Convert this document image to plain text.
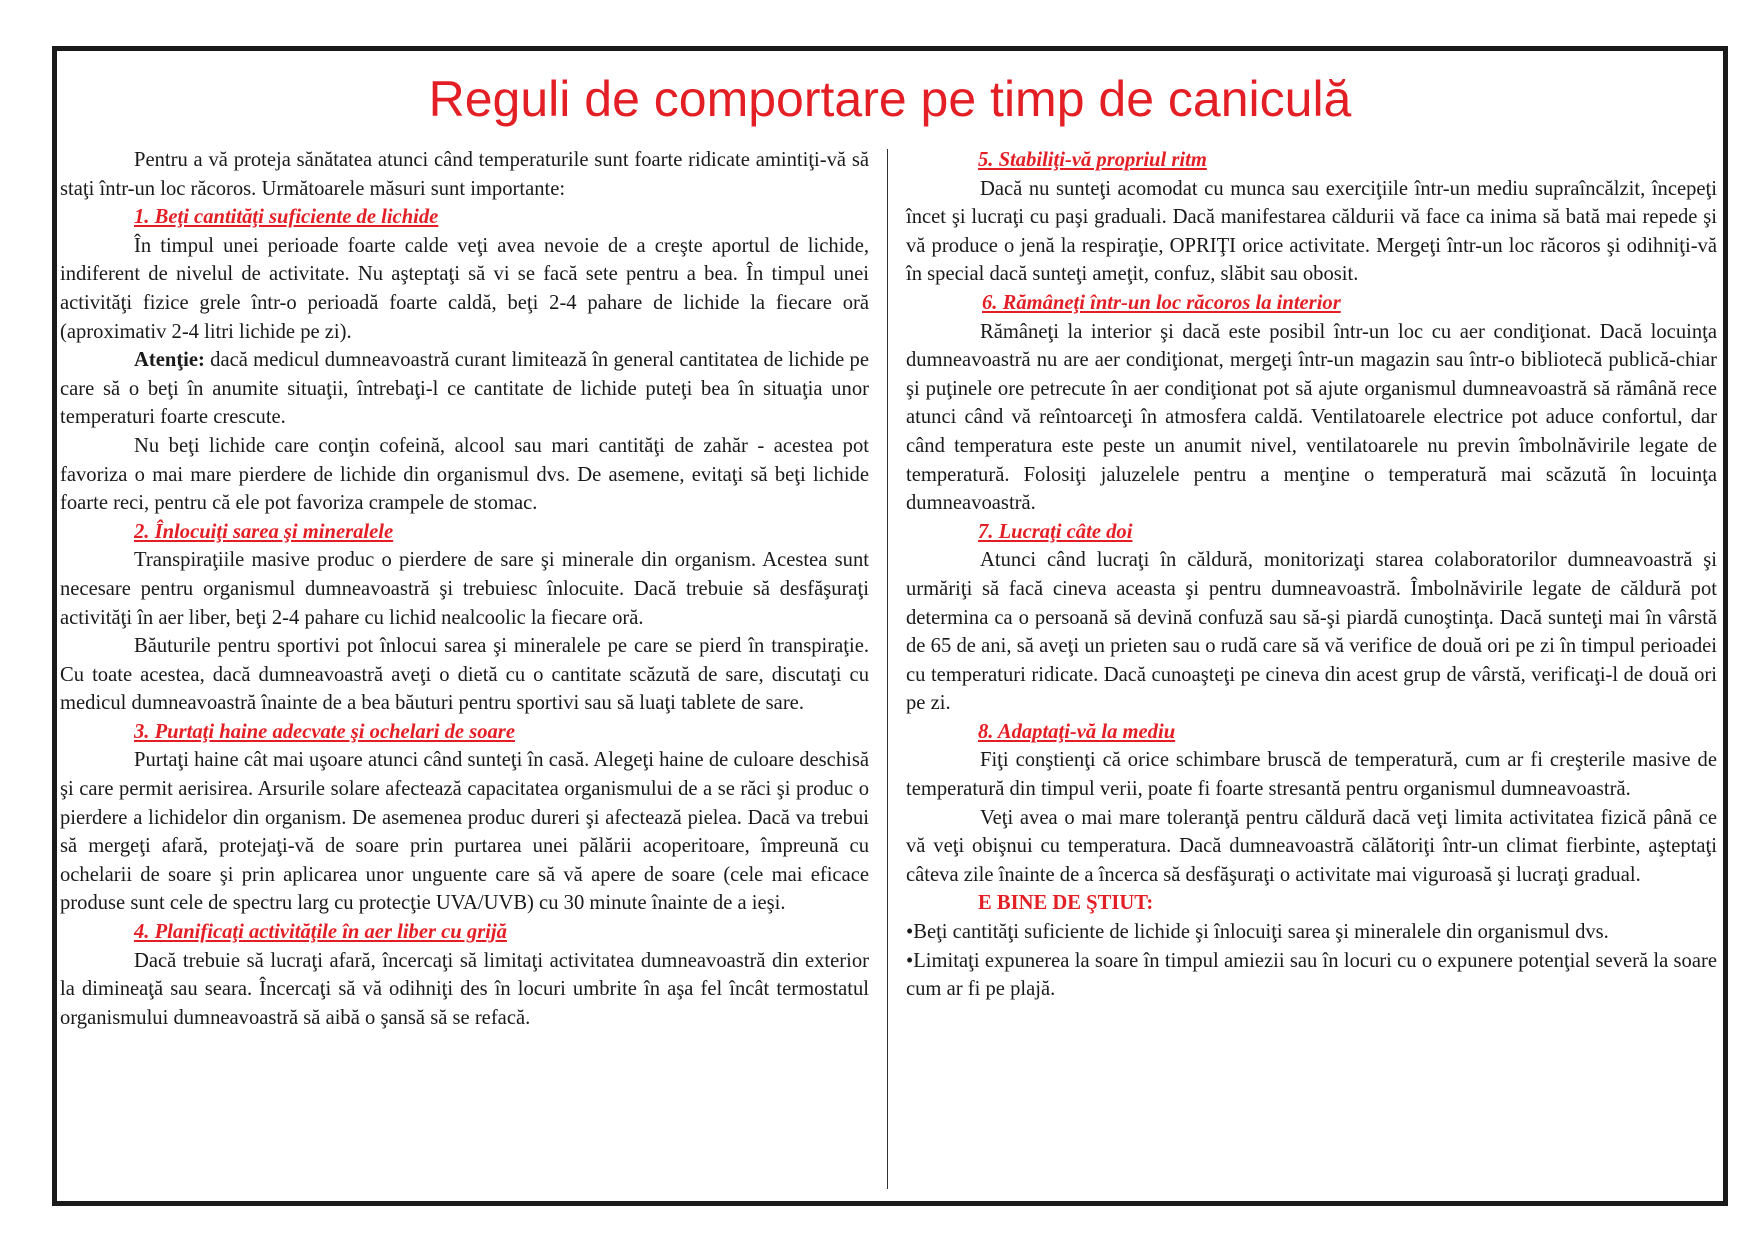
Reguli de comportare pe timp de caniculă

Pentru a vă proteja sănătatea atunci când temperaturile sunt foarte ridicate amintiţi-vă să staţi într-un loc răcoros. Următoarele măsuri sunt importante:

1. Beţi cantităţi suficiente de lichide

În timpul unei perioade foarte calde veţi avea nevoie de a creşte aportul de lichide, indiferent de nivelul de activitate. Nu aşteptaţi să vi se facă sete pentru a bea. În timpul unei activităţi fizice grele într-o perioadă foarte caldă, beţi 2-4 pahare de lichide la fiecare oră (aproximativ 2-4 litri lichide pe zi).

Atenţie: dacă medicul dumneavoastră curant limitează în general cantitatea de lichide pe care să o beţi în anumite situaţii, întrebaţi-l ce cantitate de lichide puteţi bea în situaţia unor temperaturi foarte crescute.

Nu beţi lichide care conţin cofeină, alcool sau mari cantităţi de zahăr - acestea pot favoriza o mai mare pierdere de lichide din organismul dvs. De asemene, evitaţi să beţi lichide foarte reci, pentru că ele pot favoriza crampele de stomac.

2. Înlocuiţi sarea şi mineralele

Transpiraţiile masive produc o pierdere de sare şi minerale din organism. Acestea sunt necesare pentru organismul dumneavoastră şi trebuiesc înlocuite. Dacă trebuie să desfăşuraţi activităţi în aer liber, beţi 2-4 pahare cu lichid nealcoolic la fiecare oră.

Băuturile pentru sportivi pot înlocui sarea şi mineralele pe care se pierd în transpiraţie. Cu toate acestea, dacă dumneavoastră aveţi o dietă cu o cantitate scăzută de sare, discutaţi cu medicul dumneavoastră înainte de a bea băuturi pentru sportivi sau să luaţi tablete de sare.

3. Purtaţi haine adecvate şi ochelari de soare

Purtaţi haine cât mai uşoare atunci când sunteţi în casă. Alegeţi haine de culoare deschisă şi care permit aerisirea. Arsurile solare afectează capacitatea organismului de a se răci şi produc o pierdere a lichidelor din organism. De asemenea produc dureri şi afectează pielea. Dacă va trebui să mergeţi afară, protejaţi-vă de soare prin purtarea unei pălării acoperitoare, împreună cu ochelarii de soare şi prin aplicarea unor unguente care să vă apere de soare (cele mai eficace produse sunt cele de spectru larg cu protecţie UVA/UVB) cu 30 minute înainte de a ieşi.

4. Planificaţi activităţile în aer liber cu grijă

Dacă trebuie să lucraţi afară, încercaţi să limitaţi activitatea dumneavoastră din exterior la dimineaţă sau seara. Încercaţi să vă odihniţi des în locuri umbrite în aşa fel încât termostatul organismului dumneavoastră să aibă o şansă să se refacă.

5. Stabiliţi-vă propriul ritm

Dacă nu sunteţi acomodat cu munca sau exerciţiile într-un mediu supraîncălzit, începeţi încet şi lucraţi cu paşi graduali. Dacă manifestarea căldurii vă face ca inima să bată mai repede şi vă produce o jenă la respiraţie, OPRIŢI orice activitate. Mergeţi într-un loc răcoros şi odihniţi-vă în special dacă sunteţi ameţit, confuz, slăbit sau obosit.

6. Rămâneţi într-un loc răcoros la interior

Rămâneţi la interior şi dacă este posibil într-un loc cu aer condiţionat. Dacă locuinţa dumneavoastră nu are aer condiţionat, mergeţi într-un magazin sau într-o bibliotecă publică-chiar şi puţinele ore petrecute în aer condiţionat pot să ajute organismul dumneavoastră să rămână rece atunci când vă reîntoarceţi în atmosfera caldă. Ventilatoarele electrice pot aduce confortul, dar când temperatura este peste un anumit nivel, ventilatoarele nu previn îmbolnăvirile legate de temperatură. Folosiţi jaluzelele pentru a menţine o temperatură mai scăzută în locuinţa dumneavoastră.

7. Lucraţi câte doi

Atunci când lucraţi în căldură, monitorizaţi starea colaboratorilor dumneavoastră şi urmăriţi să facă cineva aceasta şi pentru dumneavoastră. Îmbolnăvirile legate de căldură pot determina ca o persoană să devină confuză sau să-şi piardă cunoştinţa. Dacă sunteţi mai în vârstă de 65 de ani, să aveţi un prieten sau o rudă care să vă verifice de două ori pe zi în timpul perioadei cu temperaturi ridicate. Dacă cunoaşteţi pe cineva din acest grup de vârstă, verificaţi-l de două ori pe zi.

8. Adaptaţi-vă la mediu

Fiţi conştienţi că orice schimbare bruscă de temperatură, cum ar fi creşterile masive de temperatură din timpul verii, poate fi foarte stresantă pentru organismul dumneavoastră.

Veţi avea o mai mare toleranţă pentru căldură dacă veţi limita activitatea fizică până ce vă veţi obişnui cu temperatura. Dacă dumneavoastră călătoriţi într-un climat fierbinte, aşteptaţi câteva zile înainte de a încerca să desfăşuraţi o activitate mai viguroasă şi lucraţi gradual.

E BINE DE ŞTIUT:

•Beţi cantităţi suficiente de lichide şi înlocuiţi sarea şi mineralele din organismul dvs.

•Limitaţi expunerea la soare în timpul amiezii sau în locuri cu o expunere potenţial severă la soare cum ar fi pe plajă.
